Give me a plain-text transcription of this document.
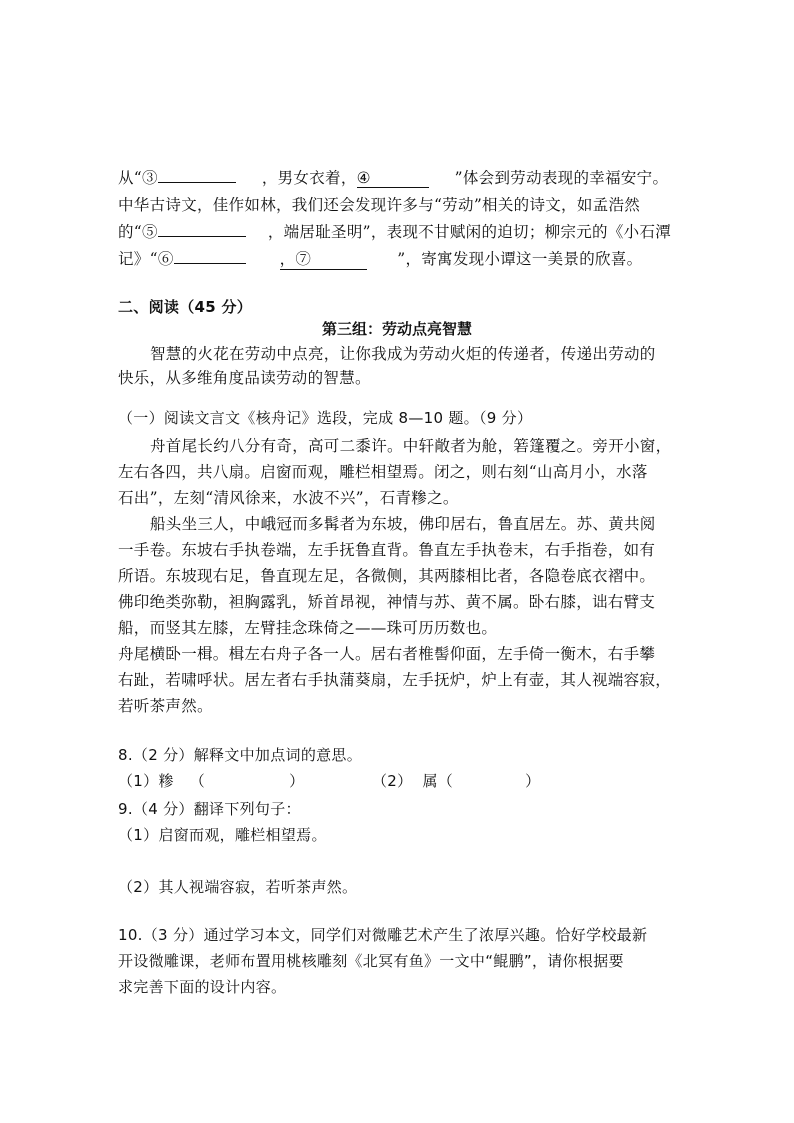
从“③	，男女衣着，④	”体会到劳动表现的幸福安宁。
中华古诗文，佳作如林，我们还会发现许多与“劳动”相关的诗文，如孟浩然
的“⑤	，端居耻圣明”，表现不甘赋闲的迫切；柳宗元的《小石潭
记》“⑥	，⑦	”，寄寓发现小谭这一美景的欣喜。
二、阅读（45 分）
第三组：劳动点亮智慧
智慧的火花在劳动中点亮，让你我成为劳动火炬的传递者，传递出劳动的
快乐，从多维角度品读劳动的智慧。
（一）阅读文言文《核舟记》选段，完成 8—10 题。（9 分）
舟首尾长约八分有奇，高可二黍许。中轩敞者为舱，箬篷覆之。旁开小窗，
左右各四，共八扇。启窗而观，雕栏相望焉。闭之，则右刻“山高月小，水落
石出”，左刻“清风徐来，水波不兴”，石青糁之。
船头坐三人，中峨冠而多髯者为东坡，佛印居右，鲁直居左。苏、黄共阅
一手卷。东坡右手执卷端，左手抚鲁直背。鲁直左手执卷末，右手指卷，如有
所语。东坡现右足，鲁直现左足，各微侧，其两膝相比者，各隐卷底衣褶中。
佛印绝类弥勒，袒胸露乳，矫首昂视，神情与苏、黄不属。卧右膝，诎右臂支
船，而竖其左膝，左臂挂念珠倚之——珠可历历数也。
舟尾横卧一楫。楫左右舟子各一人。居右者椎髻仰面，左手倚一衡木，右手攀
右趾，若啸呼状。居左者右手执蒲葵扇，左手抚炉，炉上有壶，其人视端容寂，
若听茶声然。
8.（2 分）解释文中加点词的意思。
（1）糁 （	）	（2） 属（	）
9.（4 分）翻译下列句子：
（1）启窗而观，雕栏相望焉。
（2）其人视端容寂，若听茶声然。
10.（3 分）通过学习本文，同学们对微雕艺术产生了浓厚兴趣。恰好学校最新
开设微雕课，老师布置用桃核雕刻《北冥有鱼》一文中“鲲鹏”，请你根据要
求完善下面的设计内容。
